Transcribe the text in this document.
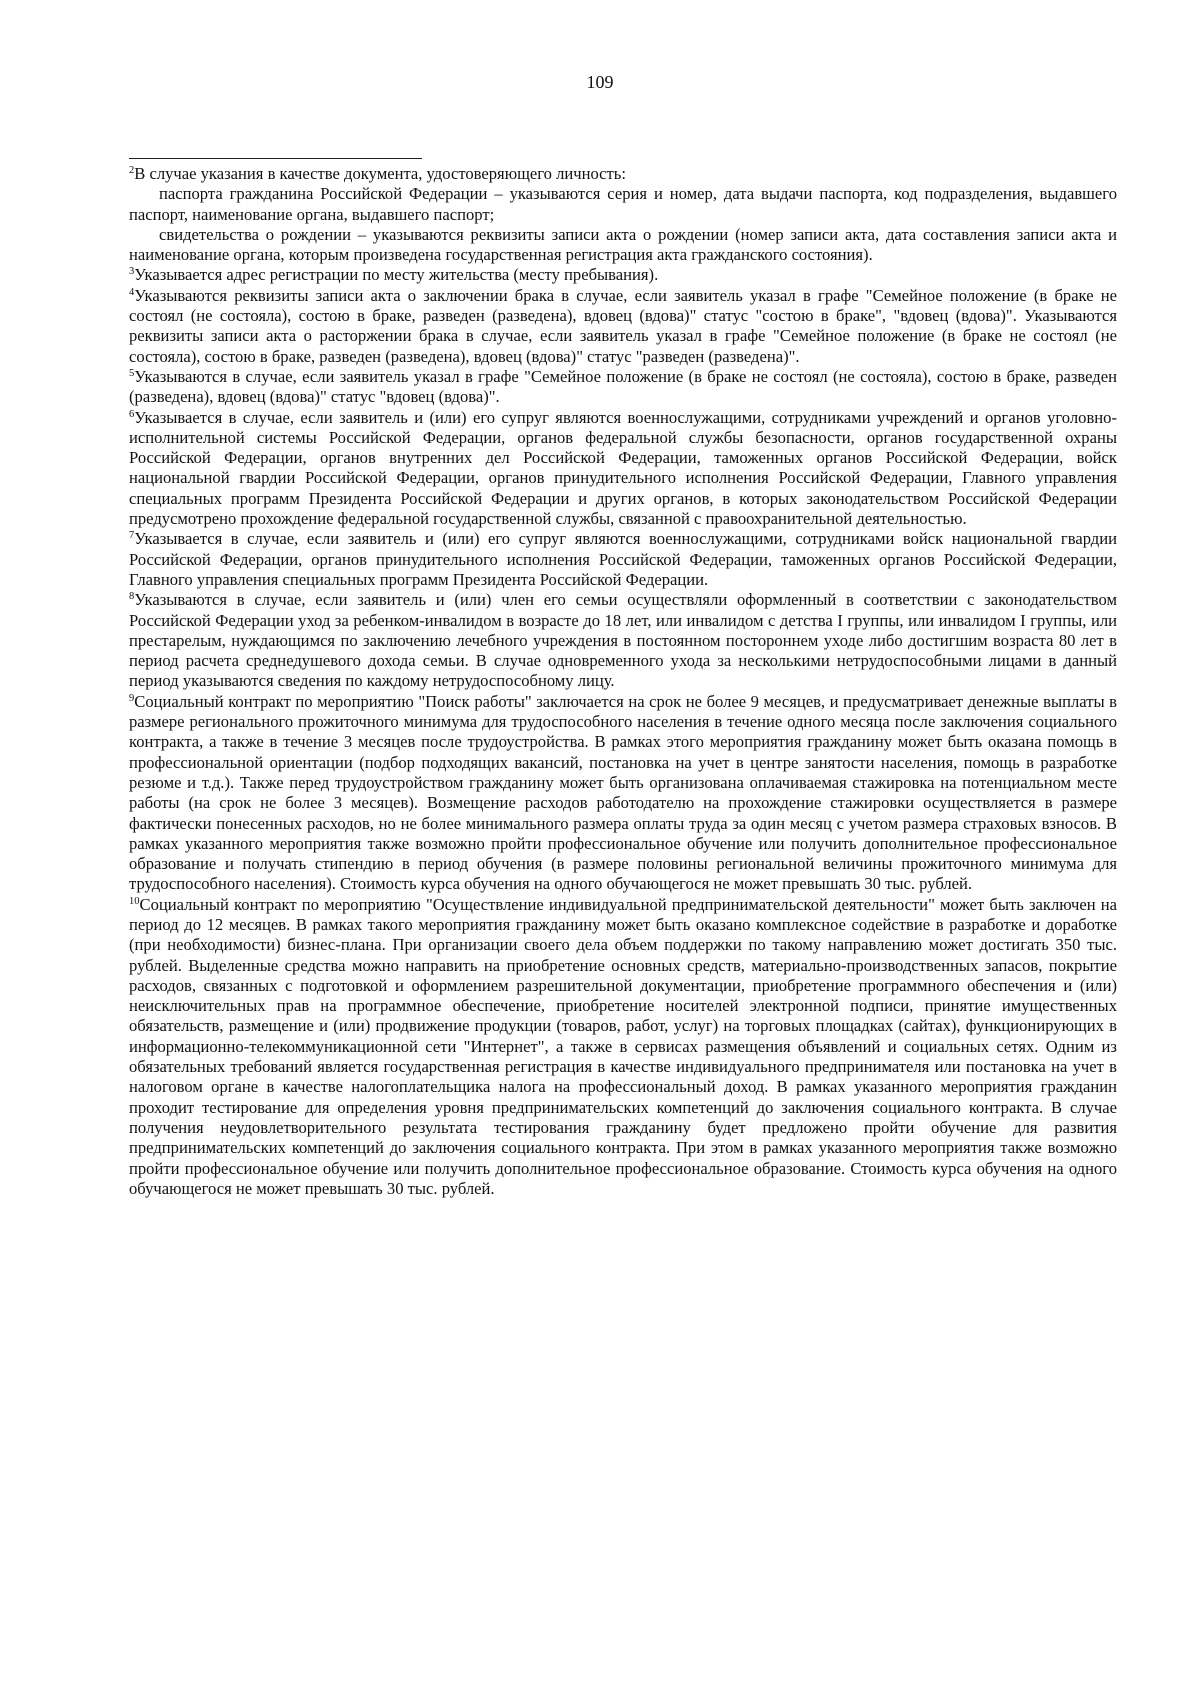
109

$^2$В случае указания в качестве документа, удостоверяющего личность:

паспорта гражданина Российской Федерации – указываются серия и номер, дата выдачи паспорта, код подразделения, выдавшего паспорт, наименование органа, выдавшего паспорт;

свидетельства о рождении – указываются реквизиты записи акта о рождении (номер записи акта, дата составления записи акта и наименование органа, которым произведена государственная регистрация акта гражданского состояния).

$^3$Указывается адрес регистрации по месту жительства (месту пребывания).
$^4$Указываются реквизиты записи акта о заключении брака в случае, если заявитель указал в графе "Семейное положение (в браке не состоял (не состояла), состою в браке, разведен (разведена), вдовец (вдова)" статус "состою в браке", "вдовец (вдова)". Указываются реквизиты записи акта о расторжении брака в случае, если заявитель указал в графе "Семейное положение (в браке не состоял (не состояла), состою в браке, разведен (разведена), вдовец (вдова)" статус "разведен (разведена)".
$^5$Указываются в случае, если заявитель указал в графе "Семейное положение (в браке не состоял (не состояла), состою в браке, разведен (разведена), вдовец (вдова)" статус "вдовец (вдова)".
$^6$Указывается в случае, если заявитель и (или) его супруг являются военнослужащими, сотрудниками учреждений и органов уголовно-исполнительной системы Российской Федерации, органов федеральной службы безопасности, органов государственной охраны Российской Федерации, органов внутренних дел Российской Федерации, таможенных органов Российской Федерации, войск национальной гвардии Российской Федерации, органов принудительного исполнения Российской Федерации, Главного управления специальных программ Президента Российской Федерации и других органов, в которых законодательством Российской Федерации предусмотрено прохождение федеральной государственной службы, связанной с правоохранительной деятельностью.
$^7$Указывается в случае, если заявитель и (или) его супруг являются военнослужащими, сотрудниками войск национальной гвардии Российской Федерации, органов принудительного исполнения Российской Федерации, таможенных органов Российской Федерации, Главного управления специальных программ Президента Российской Федерации.
$^8$Указываются в случае, если заявитель и (или) член его семьи осуществляли оформленный в соответствии с законодательством Российской Федерации уход за ребенком-инвалидом в возрасте до 18 лет, или инвалидом с детства I группы, или инвалидом I группы, или престарелым, нуждающимся по заключению лечебного учреждения в постоянном постороннем уходе либо достигшим возраста 80 лет в период расчета среднедушевого дохода семьи. В случае одновременного ухода за несколькими нетрудоспособными лицами в данный период указываются сведения по каждому нетрудоспособному лицу.
$^9$Социальный контракт по мероприятию "Поиск работы" заключается на срок не более 9 месяцев, и предусматривает денежные выплаты в размере регионального прожиточного минимума для трудоспособного населения в течение одного месяца после заключения социального контракта, а также в течение 3 месяцев после трудоустройства. В рамках этого мероприятия гражданину может быть оказана помощь в профессиональной ориентации (подбор подходящих вакансий, постановка на учет в центре занятости населения, помощь в разработке резюме и т.д.). Также перед трудоустройством гражданину может быть организована оплачиваемая стажировка на потенциальном месте работы (на срок не более 3 месяцев). Возмещение расходов работодателю на прохождение стажировки осуществляется в размере фактически понесенных расходов, но не более минимального размера оплаты труда за один месяц с учетом размера страховых взносов. В рамках указанного мероприятия также возможно пройти профессиональное обучение или получить дополнительное профессиональное образование и получать стипендию в период обучения (в размере половины региональной величины прожиточного минимума для трудоспособного населения). Стоимость курса обучения на одного обучающегося не может превышать 30 тыс. рублей.
$^{10}$Социальный контракт по мероприятию "Осуществление индивидуальной предпринимательской деятельности" может быть заключен на период до 12 месяцев. В рамках такого мероприятия гражданину может быть оказано комплексное содействие в разработке и доработке (при необходимости) бизнес-плана. При организации своего дела объем поддержки по такому направлению может достигать 350 тыс. рублей. Выделенные средства можно направить на приобретение основных средств, материально-производственных запасов, покрытие расходов, связанных с подготовкой и оформлением разрешительной документации, приобретение программного обеспечения и (или) неисключительных прав на программное обеспечение, приобретение носителей электронной подписи, принятие имущественных обязательств, размещение и (или) продвижение продукции (товаров, работ, услуг) на торговых площадках (сайтах), функционирующих в информационно-телекоммуникационной сети "Интернет", а также в сервисах размещения объявлений и социальных сетях. Одним из обязательных требований является государственная регистрация в качестве индивидуального предпринимателя или постановка на учет в налоговом органе в качестве налогоплательщика налога на профессиональный доход. В рамках указанного мероприятия гражданин проходит тестирование для определения уровня предпринимательских компетенций до заключения социального контракта. В случае получения неудовлетворительного результата тестирования гражданину будет предложено пройти обучение для развития предпринимательских компетенций до заключения социального контракта. При этом в рамках указанного мероприятия также возможно пройти профессиональное обучение или получить дополнительное профессиональное образование. Стоимость курса обучения на одного обучающегося не может превышать 30 тыс. рублей.
